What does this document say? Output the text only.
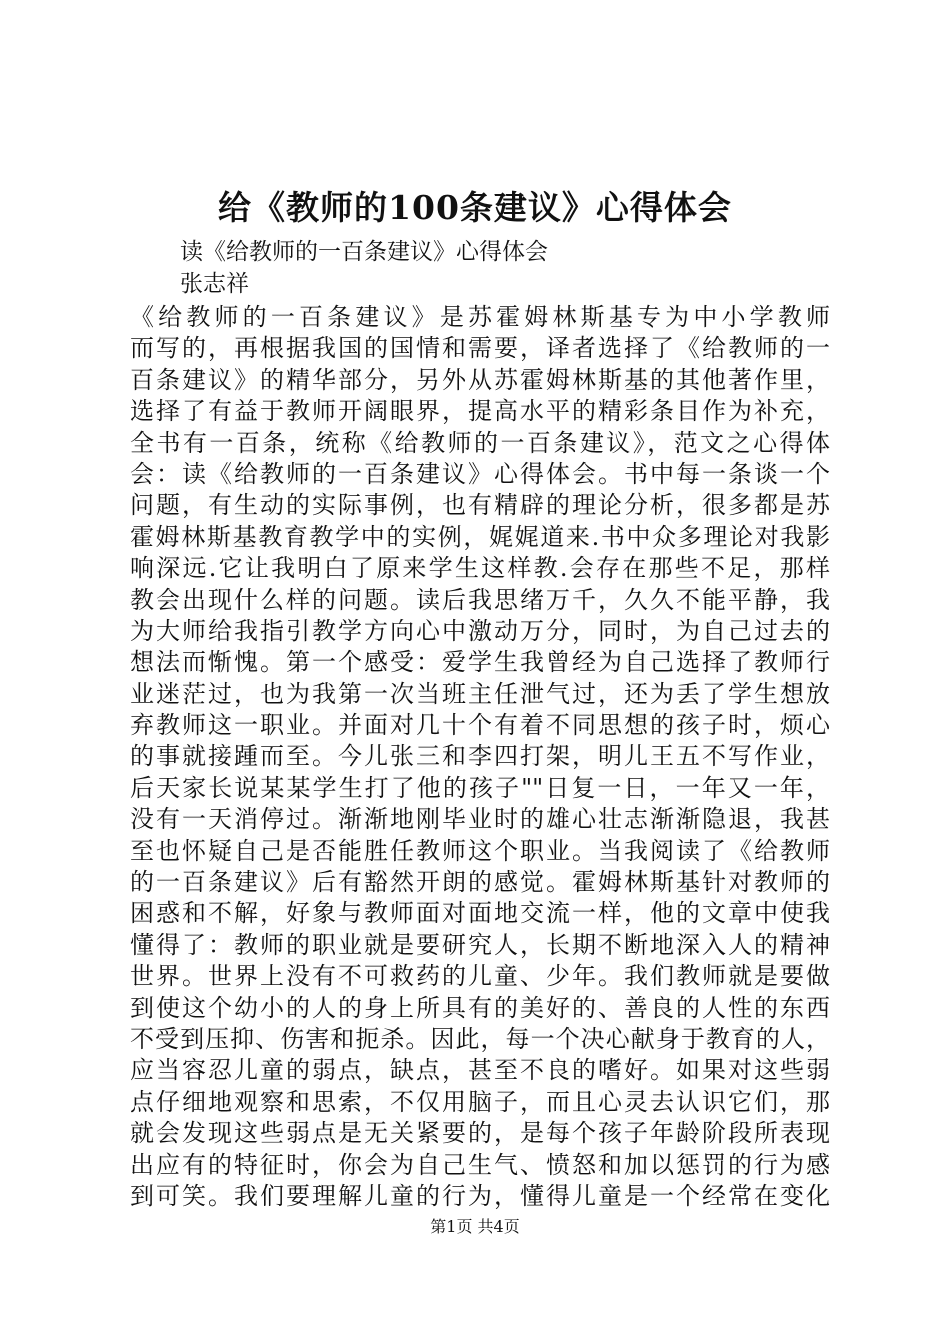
给《教师的100条建议》心得体会

读《给教师的一百条建议》心得体会

张志祥

《给教师的一百条建议》是苏霍姆林斯基专为中小学教师
而写的，再根据我国的国情和需要，译者选择了《给教师的一
百条建议》的精华部分，另外从苏霍姆林斯基的其他著作里，
选择了有益于教师开阔眼界，提高水平的精彩条目作为补充，
全书有一百条，统称《给教师的一百条建议》，范文之心得体
会：读《给教师的一百条建议》心得体会。书中每一条谈一个
问题，有生动的实际事例，也有精辟的理论分析，很多都是苏
霍姆林斯基教育教学中的实例，娓娓道来.书中众多理论对我影
响深远.它让我明白了原来学生这样教.会存在那些不足，那样
教会出现什么样的问题。读后我思绪万千，久久不能平静，我
为大师给我指引教学方向心中激动万分，同时，为自己过去的
想法而惭愧。第一个感受：爱学生我曾经为自己选择了教师行
业迷茫过，也为我第一次当班主任泄气过，还为丢了学生想放
弃教师这一职业。并面对几十个有着不同思想的孩子时，烦心
的事就接踵而至。今儿张三和李四打架，明儿王五不写作业，
后天家长说某某学生打了他的孩子""日复一日，一年又一年，
没有一天消停过。渐渐地刚毕业时的雄心壮志渐渐隐退，我甚
至也怀疑自己是否能胜任教师这个职业。当我阅读了《给教师
的一百条建议》后有豁然开朗的感觉。霍姆林斯基针对教师的
困惑和不解，好象与教师面对面地交流一样，他的文章中使我
懂得了：教师的职业就是要研究人，长期不断地深入人的精神
世界。世界上没有不可救药的儿童、少年。我们教师就是要做
到使这个幼小的人的身上所具有的美好的、善良的人性的东西
不受到压抑、伤害和扼杀。因此，每一个决心献身于教育的人，
应当容忍儿童的弱点，缺点，甚至不良的嗜好。如果对这些弱
点仔细地观察和思索，不仅用脑子，而且心灵去认识它们，那
就会发现这些弱点是无关紧要的，是每个孩子年龄阶段所表现
出应有的特征时，你会为自己生气、愤怒和加以惩罚的行为感
到可笑。我们要理解儿童的行为，懂得儿童是一个经常在变化

第1页 共4页
